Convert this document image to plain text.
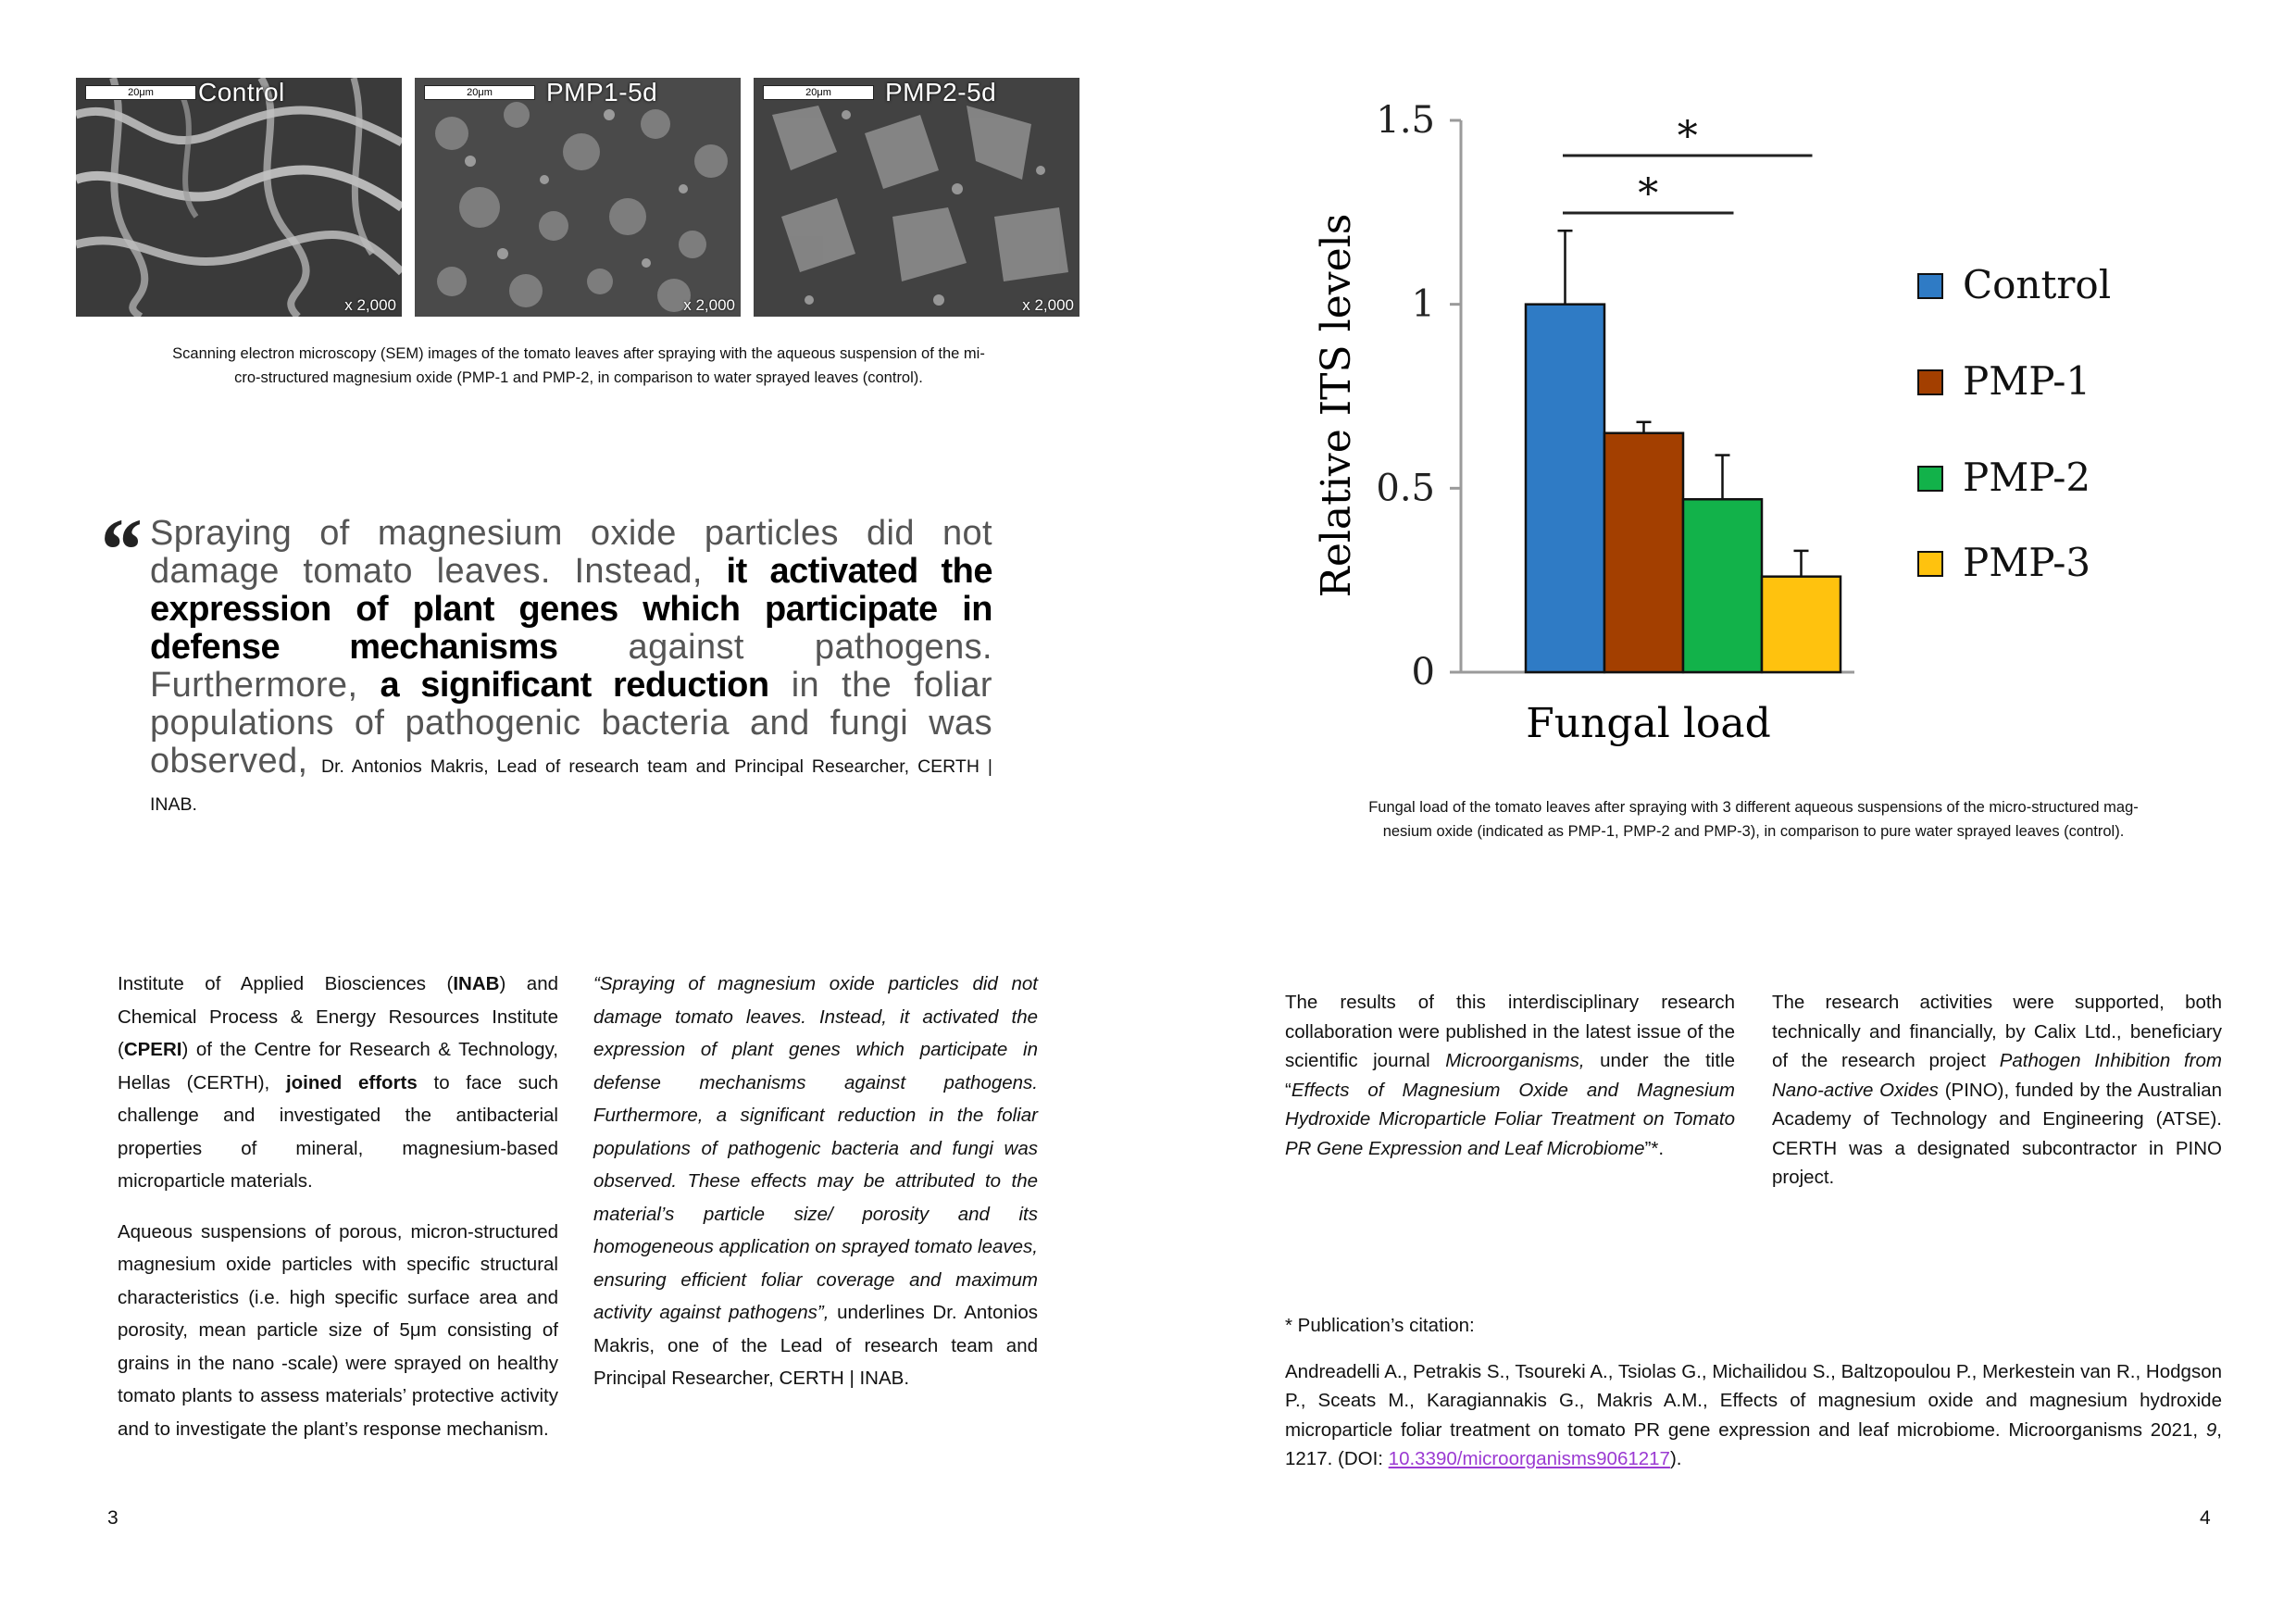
20μm	Control
x 2,000
20μm	PMP1-5d
x 2,000
20μm	PMP2-5d
x 2,000
Scanning electron microscopy (SEM) images of the tomato leaves after spraying with the aqueous suspension of the mi-
cro-structured magnesium oxide (PMP-1 and PMP-2, in comparison to water sprayed leaves (control).
“ Spraying of magnesium oxide particles did not damage tomato leaves. Instead, it activated the expression of plant genes which participate in defense mechanisms against pathogens. Furthermore, a significant reduction in the foliar populations of pathogenic bacteria and fungi was observed, Dr. Antonios Makris, Lead of research team and Principal Researcher, CERTH | INAB.

Institute of Applied Biosciences (INAB) and Chemical Process & Energy Resources Institute (CPERI) of the Centre for Research & Technology, Hellas (CERTH), joined efforts to face such challenge and investigated the antibacterial properties of mineral, magnesium-based microparticle materials.

Aqueous suspensions of porous, micron-structured magnesium oxide particles with specific structural characteristics (i.e. high specific surface area and porosity, mean particle size of 5μm consisting of grains in the nano -scale) were sprayed on healthy tomato plants to assess materials’ protective activity and to investigate the plant’s response mechanism.

“Spraying of magnesium oxide particles did not damage tomato leaves. Instead, it activated the expression of plant genes which participate in defense mechanisms against pathogens. Furthermore, a significant reduction in the foliar populations of pathogenic bacteria and fungi was observed. These effects may be attributed to the material’s particle size/ porosity and its homogeneous application on sprayed tomato leaves, ensuring efficient foliar coverage and maximum activity against pathogens”, underlines Dr. Antonios Makris, one of the Lead of research team and Principal Researcher, CERTH | INAB.

3
0
0.5
1
1.5
*
*
Control
PMP-1
PMP-2
PMP-3
Fungal load
Relative ITS levels
Fungal load of the tomato leaves after spraying with 3 different aqueous suspensions of the micro-structured mag-
nesium oxide (indicated as PMP-1, PMP-2 and PMP-3), in comparison to pure water sprayed leaves (control).

The results of this interdisciplinary research collaboration were published in the latest issue of the scientific journal Microorganisms, under the title “Effects of Magnesium Oxide and Magnesium Hydroxide Microparticle Foliar Treatment on Tomato PR Gene Expression and Leaf Microbiome”*.

The research activities were supported, both technically and financially, by Calix Ltd., beneficiary of the research project Pathogen Inhibition from Nano-active Oxides (PINO), funded by the Australian Academy of Technology and Engineering (ATSE). CERTH was a designated subcontractor in PINO project.

* Publication’s citation:

Andreadelli A., Petrakis S., Tsoureki A., Tsiolas G., Michailidou S., Baltzopoulou P., Merkestein van R., Hodgson P., Sceats M., Karagiannakis G., Makris A.M., Effects of magnesium oxide and magnesium hydroxide microparticle foliar treatment on tomato PR gene expression and leaf microbiome. Microorganisms 2021, 9, 1217. (DOI: 10.3390/microorganisms9061217).

4
